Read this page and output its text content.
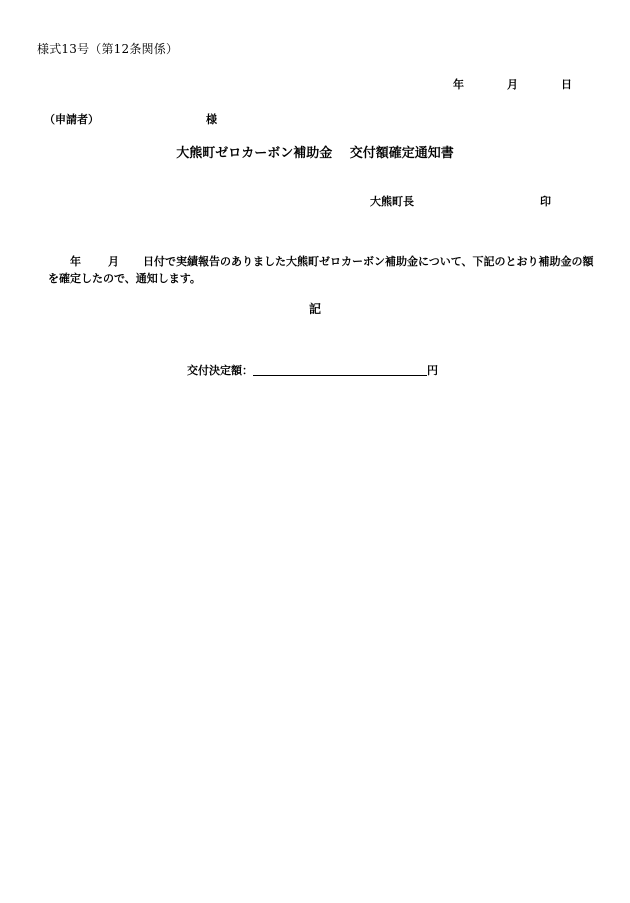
様式13号（第12条関係）
年	月	日
（申請者）	様
大熊町ゼロカーボン補助金　 交付額確定通知書
大熊町長	印
年 月 日付で実績報告のありました大熊町ゼロカーボン補助金について、下記のとおり補助金の額
を確定したので、通知します。
記
交付決定額：	円
